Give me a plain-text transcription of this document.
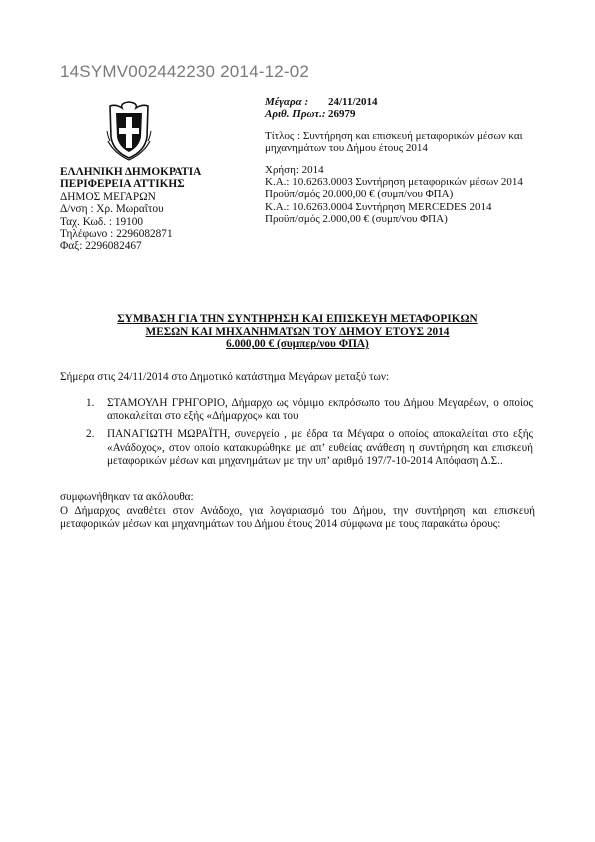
14SYMV002442230 2014-12-02
Μέγαρα : 24/11/2014
Αριθ. Πρωτ.: 26979
Τίτλος : Συντήρηση και επισκευή μεταφορικών μέσων και μηχανημάτων του Δήμου έτους 2014
Χρήση: 2014
Κ.Α.: 10.6263.0003 Συντήρηση μεταφορικών μέσων 2014
Προϋπ/σμός 20.000,00 € (συμπ/νου ΦΠΑ)
Κ.Α.: 10.6263.0004 Συντήρηση MERCEDES 2014
Προϋπ/σμός 2.000,00 € (συμπ/νου ΦΠΑ)
ΕΛΛΗΝΙΚΗ ΔΗΜΟΚΡΑΤΙΑ
ΠΕΡΙΦΕΡΕΙΑ ΑΤΤΙΚΗΣ
ΔΗΜΟΣ ΜΕΓΑΡΩΝ
Δ/νση : Χρ. Μωραΐτου
Ταχ. Κωδ. : 19100
Τηλέφωνο : 2296082871
Φαξ: 2296082467
ΣΥΜΒΑΣΗ ΓΙΑ ΤΗΝ ΣΥΝΤΗΡΗΣΗ ΚΑΙ ΕΠΙΣΚΕΥΗ ΜΕΤΑΦΟΡΙΚΩΝ
ΜΕΣΩΝ ΚΑΙ ΜΗΧΑΝΗΜΑΤΩΝ ΤΟΥ ΔΗΜΟΥ ΕΤΟΥΣ 2014
6.000,00 € (συμπερ/νου ΦΠΑ)
Σήμερα στις 24/11/2014 στο Δημοτικό κατάστημα Μεγάρων μεταξύ των:
1.	ΣΤΑΜΟΥΛΗ ΓΡΗΓΟΡΙΟ, Δήμαρχο ως νόμιμο εκπρόσωπο του Δήμου Μεγαρέων, ο οποίος αποκαλείται στο εξής «Δήμαρχος» και του
2.	ΠΑΝΑΓΙΩΤΗ ΜΩΡΑΪΤΗ, συνεργείο , με έδρα τα Μέγαρα ο οποίος αποκαλείται στο εξής «Ανάδοχος», στον οποίο κατακυρώθηκε με απ’ ευθείας ανάθεση η συντήρηση και επισκευή μεταφορικών μέσων και μηχανημάτων με την υπ’ αριθμό 197/7-10-2014 Απόφαση Δ.Σ..
συμφωνήθηκαν τα ακόλουθα:
Ο Δήμαρχος αναθέτει στον Ανάδοχο, για λογαριασμό του Δήμου, την συντήρηση και επισκευή μεταφορικών μέσων και μηχανημάτων του Δήμου έτους 2014 σύμφωνα με τους παρακάτω όρους:
